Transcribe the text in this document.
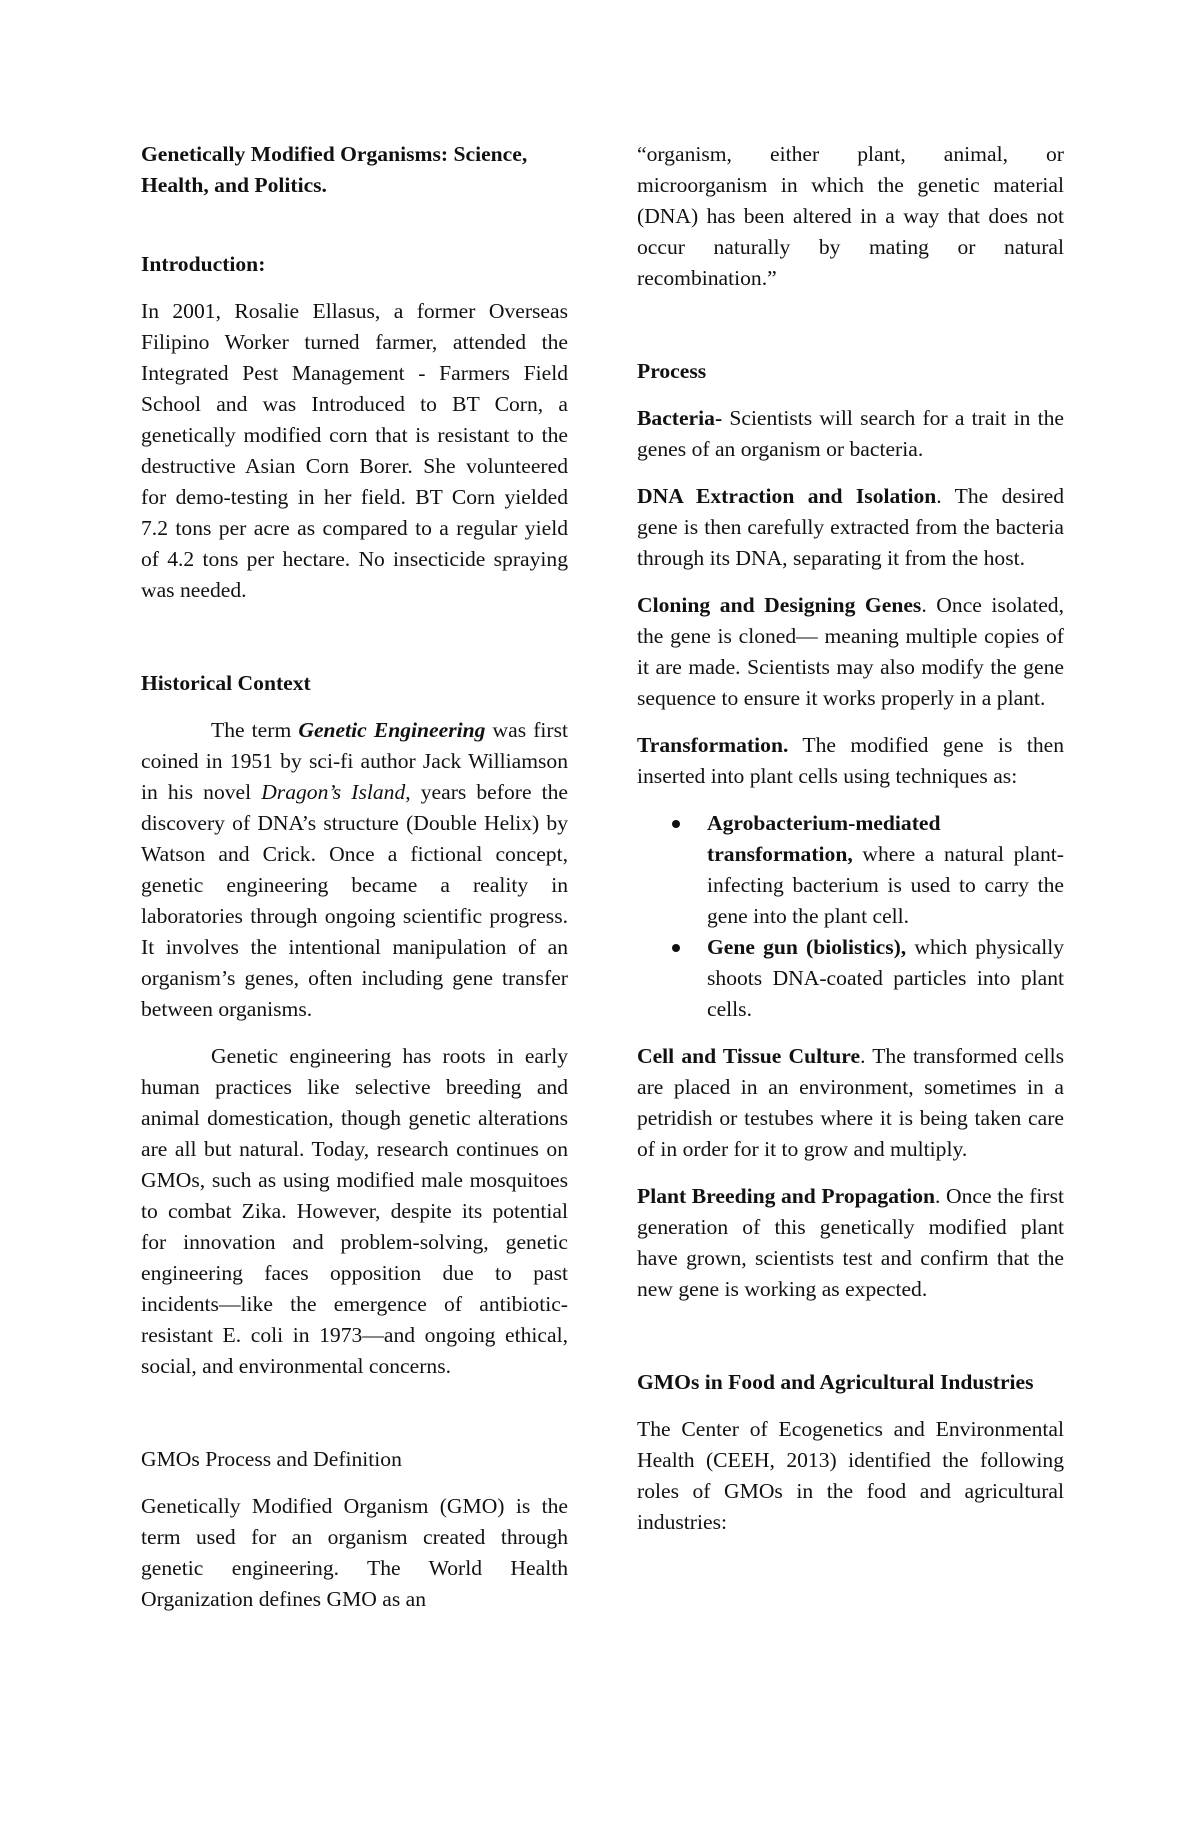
Genetically Modified Organisms: Science, Health, and Politics.

Introduction:

In 2001, Rosalie Ellasus, a former Overseas Filipino Worker turned farmer, attended the Integrated Pest Management - Farmers Field School and was Introduced to BT Corn, a genetically modified corn that is resistant to the destructive Asian Corn Borer. She volunteered for demo-testing in her field. BT Corn yielded 7.2 tons per acre as compared to a regular yield of 4.2 tons per hectare. No insecticide spraying was needed.

Historical Context

The term Genetic Engineering was first coined in 1951 by sci-fi author Jack Williamson in his novel Dragon’s Island, years before the discovery of DNA’s structure (Double Helix) by Watson and Crick. Once a fictional concept, genetic engineering became a reality in laboratories through ongoing scientific progress. It involves the intentional manipulation of an organism’s genes, often including gene transfer between organisms.

Genetic engineering has roots in early human practices like selective breeding and animal domestication, though genetic alterations are all but natural. Today, research continues on GMOs, such as using modified male mosquitoes to combat Zika. However, despite its potential for innovation and problem-solving, genetic engineering faces opposition due to past incidents—like the emergence of antibiotic-resistant E. coli in 1973—and ongoing ethical, social, and environmental concerns.

GMOs Process and Definition

Genetically Modified Organism (GMO) is the term used for an organism created through genetic engineering. The World Health Organization defines GMO as an

“organism, either plant, animal, or microorganism in which the genetic material (DNA) has been altered in a way that does not occur naturally by mating or natural recombination.”

Process

Bacteria- Scientists will search for a trait in the genes of an organism or bacteria.

DNA Extraction and Isolation. The desired gene is then carefully extracted from the bacteria through its DNA, separating it from the host.

Cloning and Designing Genes. Once isolated, the gene is cloned— meaning multiple copies of it are made. Scientists may also modify the gene sequence to ensure it works properly in a plant.

Transformation. The modified gene is then inserted into plant cells using techniques as:

Agrobacterium-mediated transformation, where a natural plant-infecting bacterium is used to carry the gene into the plant cell.
Gene gun (biolistics), which physically shoots DNA-coated particles into plant cells.

Cell and Tissue Culture. The transformed cells are placed in an environment, sometimes in a petridish or testubes where it is being taken care of in order for it to grow and multiply.

Plant Breeding and Propagation. Once the first generation of this genetically modified plant have grown, scientists test and confirm that the new gene is working as expected.

GMOs in Food and Agricultural Industries

The Center of Ecogenetics and Environmental Health (CEEH, 2013) identified the following roles of GMOs in the food and agricultural industries:
